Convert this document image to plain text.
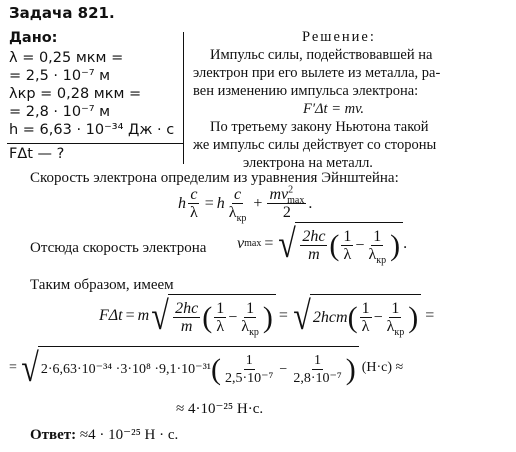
Задача 821.
Дано:
λ = 0,25 мкм =
= 2,5 · 10⁻⁷ м
λкр = 0,28 мкм =
= 2,8 · 10⁻⁷ м
h = 6,63 · 10⁻³⁴ Дж · с
FΔt — ?
Решение:
Импульс силы, подействовавшей на
электрон при его вылете из металла, ра-
вен изменению импульса электрона:
F′Δt = mv.
По третьему закону Ньютона такой
же импульс силы действует со стороны
электрона на металл.
Скорость электрона определим из уравнения Эйнштейна:
h $\frac{c}{\lambda} = h \frac{c}{\lambda_{кр}} + \frac{mv^2_{max}}{2}$ .
Отсюда скорость электрона v max = √ $\frac{2hc}{m}$ ( $\frac{1}{\lambda} - \frac{1}{\lambda_{кр}}$ ) .
Таким образом, имеем
FΔt = m √ $\frac{2hc}{m}$ ( $\frac{1}{\lambda} - \frac{1}{\lambda_{кр}}$ ) = √ 2hcm ( $\frac{1}{\lambda} - \frac{1}{\lambda_{кр}}$ ) =
= √ 2·6,63·10⁻³⁴ ·3·10⁸ ·9,1·10⁻³¹ ( $\frac{1}{\text{2,5·10⁻⁷}} - \frac{1}{\text{2,8·10⁻⁷}}$ ) (Н·с) ≈
≈ 4·10⁻²⁵ Н·с.
Ответ: ≈4 · 10⁻²⁵ Н · с.
